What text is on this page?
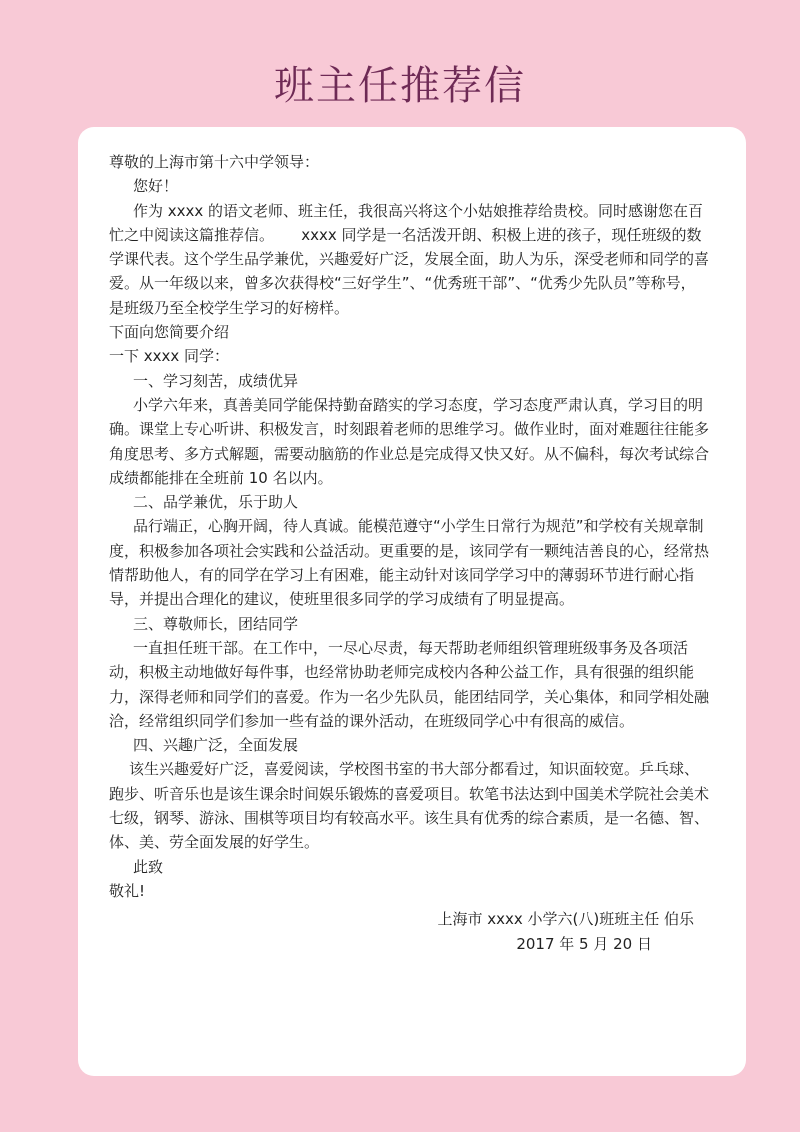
班主任推荐信

尊敬的上海市第十六中学领导：

您好！

作为 xxxx 的语文老师、班主任，我很高兴将这个小姑娘推荐给贵校。同时感谢您在百忙之中阅读这篇推荐信。　　 xxxx 同学是一名活泼开朗、积极上进的孩子，现任班级的数学课代表。这个学生品学兼优，兴趣爱好广泛，发展全面，助人为乐，深受老师和同学的喜爱。从一年级以来，曾多次获得校“三好学生”、“优秀班干部”、“优秀少先队员”等称号，是班级乃至全校学生学习的好榜样。

下面向您简要介绍

一下 xxxx 同学：

一、学习刻苦，成绩优异

小学六年来，真善美同学能保持勤奋踏实的学习态度，学习态度严肃认真，学习目的明确。课堂上专心听讲、积极发言，时刻跟着老师的思维学习。做作业时，面对难题往往能多角度思考、多方式解题，需要动脑筋的作业总是完成得又快又好。从不偏科，每次考试综合成绩都能排在全班前 10 名以内。

二、品学兼优，乐于助人

品行端正，心胸开阔，待人真诚。能模范遵守“小学生日常行为规范”和学校有关规章制度，积极参加各项社会实践和公益活动。更重要的是，该同学有一颗纯洁善良的心，经常热情帮助他人，有的同学在学习上有困难，能主动针对该同学学习中的薄弱环节进行耐心指导，并提出合理化的建议，使班里很多同学的学习成绩有了明显提高。

三、尊敬师长，团结同学

一直担任班干部。在工作中，一尽心尽责，每天帮助老师组织管理班级事务及各项活动，积极主动地做好每件事，也经常协助老师完成校内各种公益工作，具有很强的组织能力，深得老师和同学们的喜爱。作为一名少先队员，能团结同学，关心集体，和同学相处融洽，经常组织同学们参加一些有益的课外活动，在班级同学心中有很高的威信。

四、兴趣广泛，全面发展

该生兴趣爱好广泛，喜爱阅读，学校图书室的书大部分都看过，知识面较宽。乒乓球、跑步、听音乐也是该生课余时间娱乐锻炼的喜爱项目。软笔书法达到中国美术学院社会美术七级，钢琴、游泳、围棋等项目均有较高水平。该生具有优秀的综合素质，是一名德、智、体、美、劳全面发展的好学生。

此致

敬礼!

上海市 xxxx 小学六(八)班班主任 伯乐
2017 年 5 月 20 日
